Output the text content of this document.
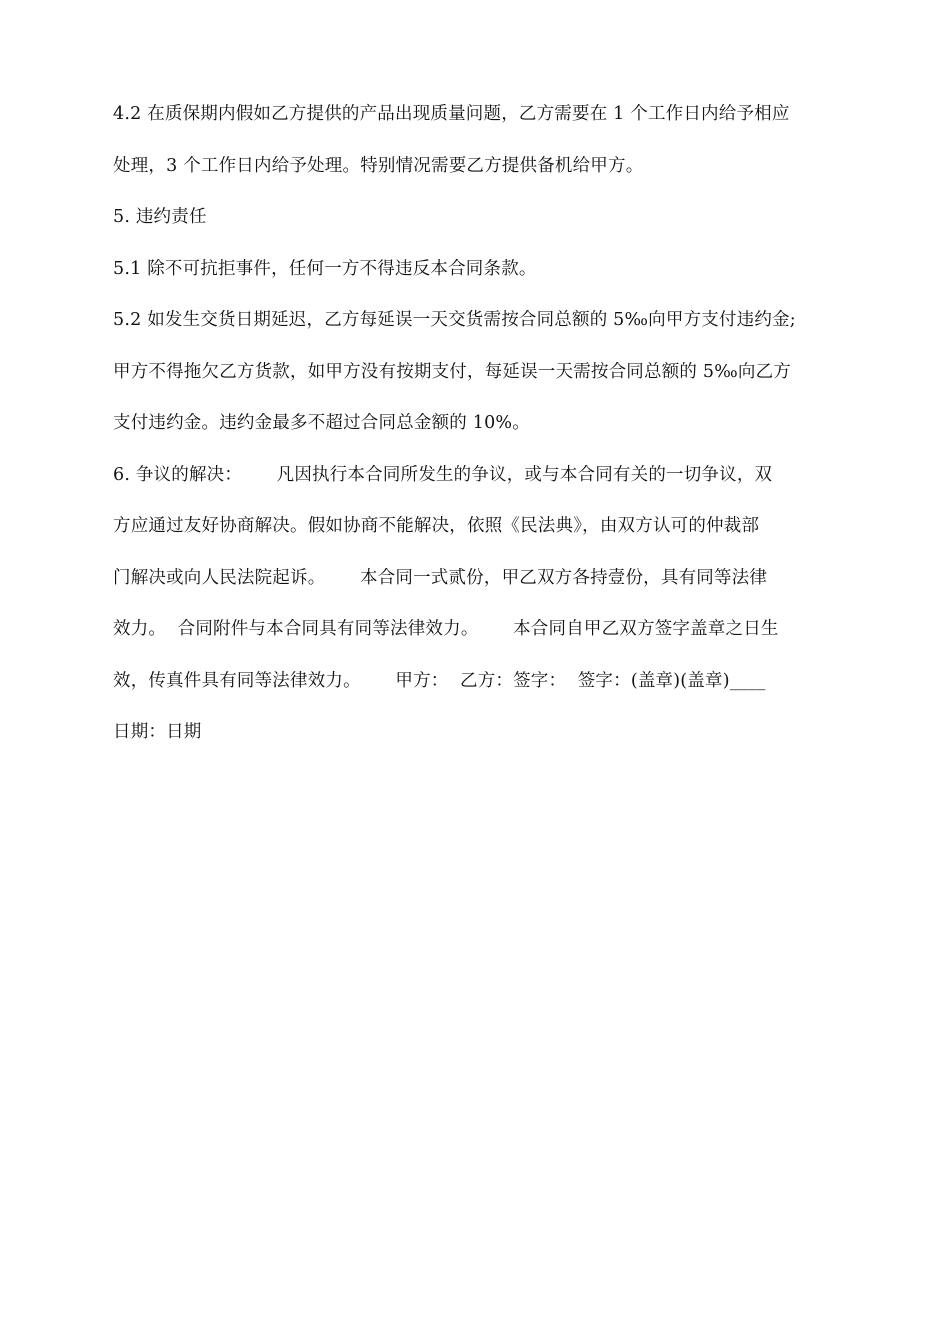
4.2 在质保期内假如乙方提供的产品出现质量问题，乙方需要在 1 个工作日内给予相应
处理，3 个工作日内给予处理。特别情况需要乙方提供备机给甲方。
5. 违约责任
5.1 除不可抗拒事件，任何一方不得违反本合同条款。
5.2 如发生交货日期延迟，乙方每延误一天交货需按合同总额的 5‰向甲方支付违约金;
甲方不得拖欠乙方货款，如甲方没有按期支付，每延误一天需按合同总额的 5‰向乙方
支付违约金。违约金最多不超过合同总金额的 10%。
6. 争议的解决：      凡因执行本合同所发生的争议，或与本合同有关的一切争议，双
方应通过友好协商解决。假如协商不能解决，依照《民法典》，由双方认可的仲裁部
门解决或向人民法院起诉。      本合同一式贰份，甲乙双方各持壹份，具有同等法律
效力。  合同附件与本合同具有同等法律效力。      本合同自甲乙双方签字盖章之日生
效，传真件具有同等法律效力。      甲方：  乙方：签字：  签字：(盖章)(盖章)____
日期：日期
